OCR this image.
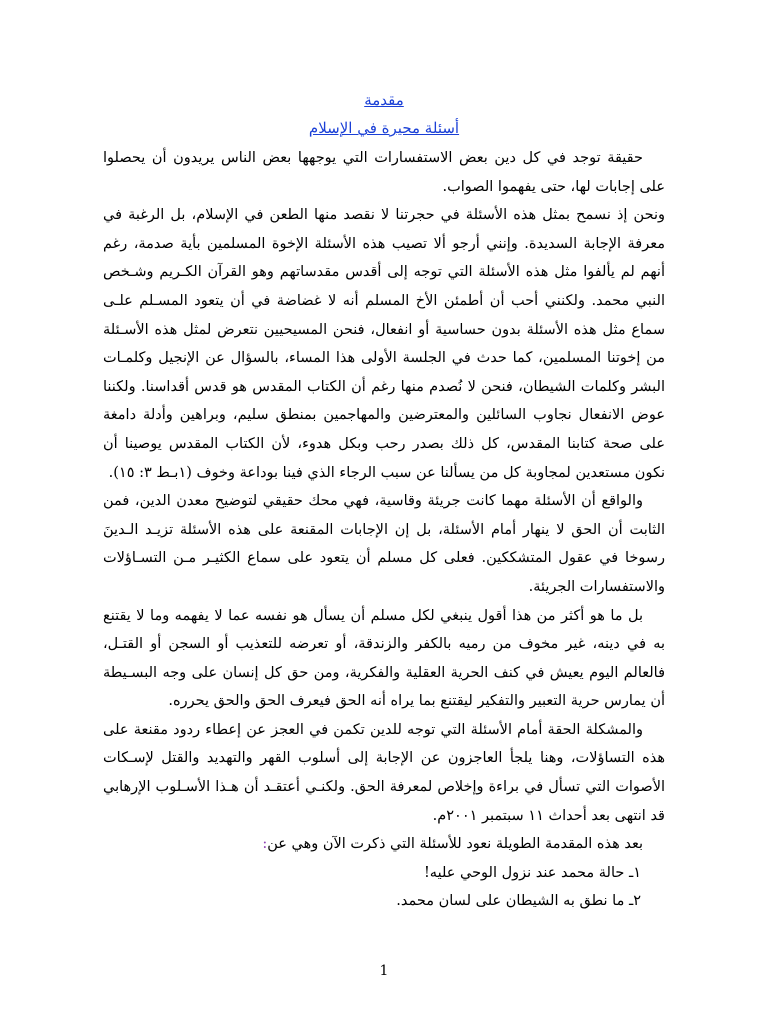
مقدمة
أسئلة محيرة في الإسلام

حقيقة توجد في كل دين بعض الاستفسارات التي يوجهها بعض الناس يريدون أن يحصلوا على إجابات لها، حتى يفهموا الصواب.

ونحن إذ نسمح بمثل هذه الأسئلة في حجرتنا لا نقصد منها الطعن في الإسلام، بل الرغبة في معرفة الإجابة السديدة. وإنني أرجو ألا تصيب هذه الأسئلة الإخوة المسلمين بأية صدمة، رغم أنهم لم يألفوا مثل هذه الأسئلة التي توجه إلى أقدس مقدساتهم وهو القرآن الكـريم وشـخص النبي محمد. ولكنني أحب أن أطمئن الأخ المسلم أنه لا غضاضة في أن يتعود المسـلم علـى سماع مثل هذه الأسئلة بدون حساسية أو انفعال، فنحن المسيحيين نتعرض لمثل هذه الأسـئلة من إخوتنا المسلمين، كما حدث في الجلسة الأولى هذا المساء، بالسؤال عن الإنجيل وكلمـات البشر وكلمات الشيطان، فنحن لا نُصدم منها رغم أن الكتاب المقدس هو قدس أقداسنا. ولكننا عوض الانفعال نجاوب السائلين والمعترضين والمهاجمين بمنطق سليم، وبراهين وأدلة دامغة على صحة كتابنا المقدس، كل ذلك بصدر رحب وبكل هدوء، لأن الكتاب المقدس يوصينا أن نكون مستعدين لمجاوبة كل من يسألنا عن سبب الرجاء الذي فينا بوداعة وخوف (١بـط ٣: ١٥).

والواقع أن الأسئلة مهما كانت جريئة وقاسية، فهي محك حقيقي لتوضيح معدن الدين، فمن الثابت أن الحق لا ينهار أمام الأسئلة، بل إن الإجابات المقنعة على هذه الأسئلة تزيـد الـدينَ رسوخا في عقول المتشككين. فعلى كل مسلم أن يتعود على سماع الكثيـر مـن التسـاؤلات والاستفسارات الجريئة.

بل ما هو أكثر من هذا أقول ينبغي لكل مسلم أن يسأل هو نفسه عما لا يفهمه وما لا يقتنع به في دينه، غير مخوف من رميه بالكفر والزندقة، أو تعرضه للتعذيب أو السجن أو القتـل، فالعالم اليوم يعيش في كنف الحرية العقلية والفكرية، ومن حق كل إنسان على وجه البسـيطة أن يمارس حرية التعبير والتفكير ليقتنع بما يراه أنه الحق فيعرف الحق والحق يحرره.

والمشكلة الحقة أمام الأسئلة التي توجه للدين تكمن في العجز عن إعطاء ردود مقنعة على هذه التساؤلات، وهنا يلجأ العاجزون عن الإجابة إلى أسلوب القهر والتهديد والقتل لإسـكات الأصوات التي تسأل في براءة وإخلاص لمعرفة الحق. ولكنـي أعتقـد أن هـذا الأسـلوب الإرهابي قد انتهى بعد أحداث ١١ سبتمبر ٢٠٠١م.

بعد هذه المقدمة الطويلة نعود للأسئلة التي ذكرت الآن وهي عن:

١ـ حالة محمد عند نزول الوحي عليه!

٢ـ ما نطق به الشيطان على لسان محمد.

1
